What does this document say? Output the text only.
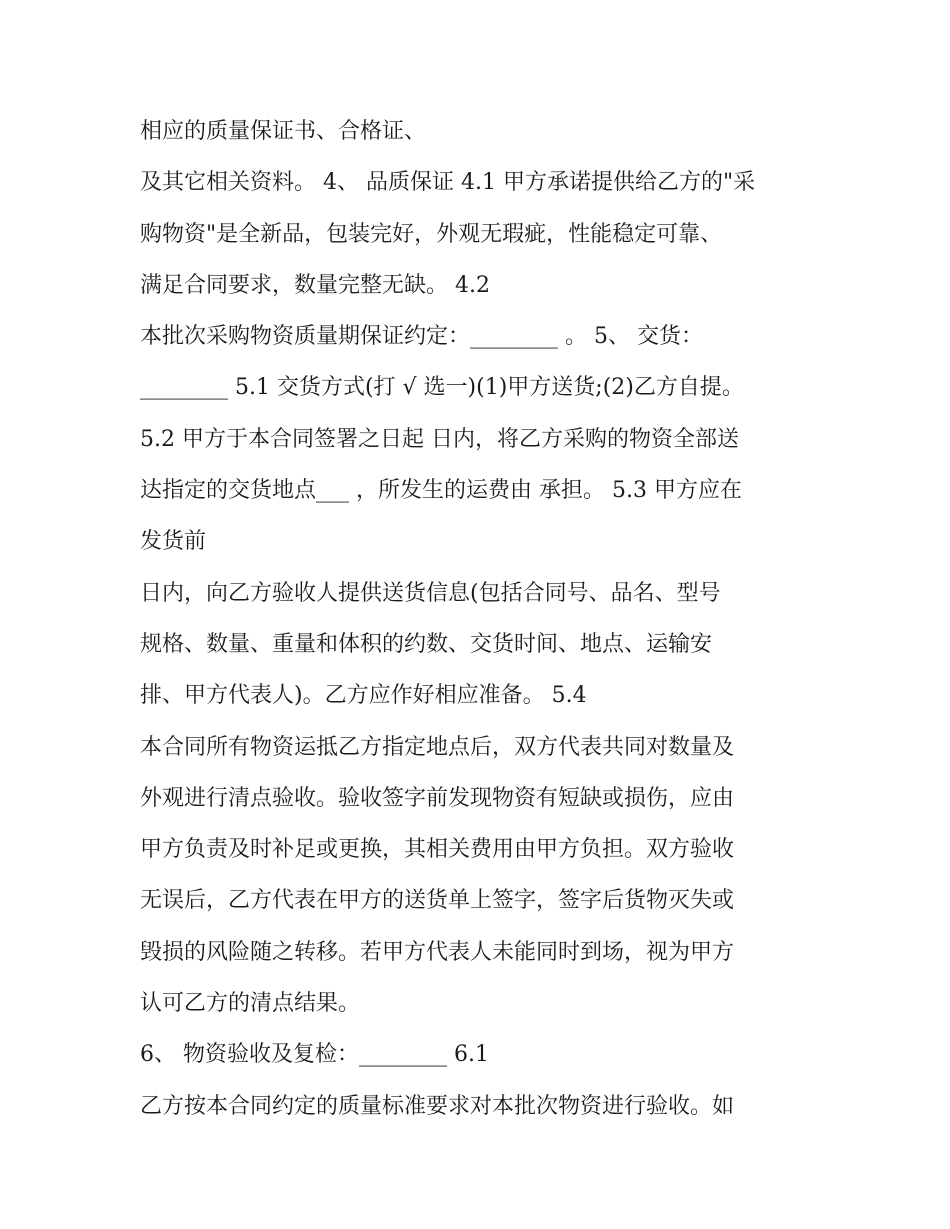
相应的质量保证书、合格证、
及其它相关资料。 4、 品质保证 4.1 甲方承诺提供给乙方的"采
购物资"是全新品，包装完好，外观无瑕疵，性能稳定可靠、
满足合同要求，数量完整无缺。 4.2
本批次采购物资质量期保证约定：________ 。 5、 交货：
________ 5.1 交货方式(打 √ 选一)(1)甲方送货;(2)乙方自提。
5.2 甲方于本合同签署之日起 日内，将乙方采购的物资全部送
达指定的交货地点___ ，所发生的运费由 承担。 5.3 甲方应在
发货前
日内，向乙方验收人提供送货信息(包括合同号、品名、型号
规格、数量、重量和体积的约数、交货时间、地点、运输安
排、甲方代表人)。乙方应作好相应准备。 5.4
本合同所有物资运抵乙方指定地点后，双方代表共同对数量及
外观进行清点验收。验收签字前发现物资有短缺或损伤，应由
甲方负责及时补足或更换，其相关费用由甲方负担。双方验收
无误后，乙方代表在甲方的送货单上签字，签字后货物灭失或
毁损的风险随之转移。若甲方代表人未能同时到场，视为甲方
认可乙方的清点结果。
6、 物资验收及复检：________ 6.1
乙方按本合同约定的质量标准要求对本批次物资进行验收。如
